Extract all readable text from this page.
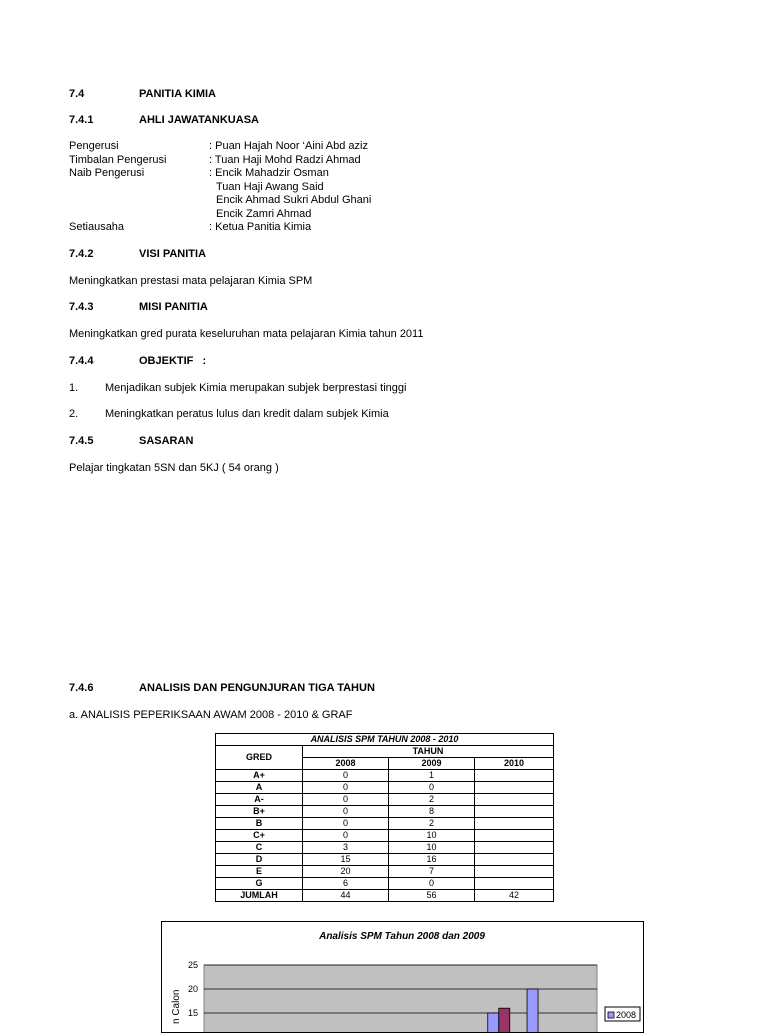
7.4	PANITIA KIMIA
7.4.1	AHLI JAWATANKUASA
Pengerusi	: Puan Hajah Noor ‘Aini Abd aziz
Timbalan Pengerusi	: Tuan Haji Mohd Radzi Ahmad
Naib Pengerusi	: Encik Mahadzir Osman
Tuan Haji Awang Said
Encik Ahmad Sukri Abdul Ghani
Encik Zamri Ahmad
Setiausaha	: Ketua Panitia Kimia
7.4.2	VISI PANITIA
Meningkatkan prestasi mata pelajaran Kimia SPM
7.4.3	MISI PANITIA
Meningkatkan gred purata keseluruhan mata pelajaran Kimia tahun 2011
7.4.4	OBJEKTIF   :
1. Menjadikan subjek Kimia merupakan subjek berprestasi tinggi
2. Meningkatkan peratus lulus dan kredit dalam subjek Kimia
7.4.5	SASARAN
Pelajar tingkatan 5SN dan 5KJ ( 54 orang )
7.4.6	ANALISIS DAN PENGUNJURAN TIGA TAHUN
a. ANALISIS PEPERIKSAAN AWAM 2008 - 2010 & GRAF
ANALISIS SPM TAHUN 2008 - 2010			
GRED	TAHUN		
	2008	2009	2010
A+	0	1	
A	0	0	
A-	0	2	
B+	0	8	
B	0	2	
C+	0	10	
C	3	10	
D	15	16	
E	20	7	
G	6	0	
JUMLAH	44	56	42
Analisis SPM Tahun 2008 dan 2009
15
20
25
n Calon	2008
